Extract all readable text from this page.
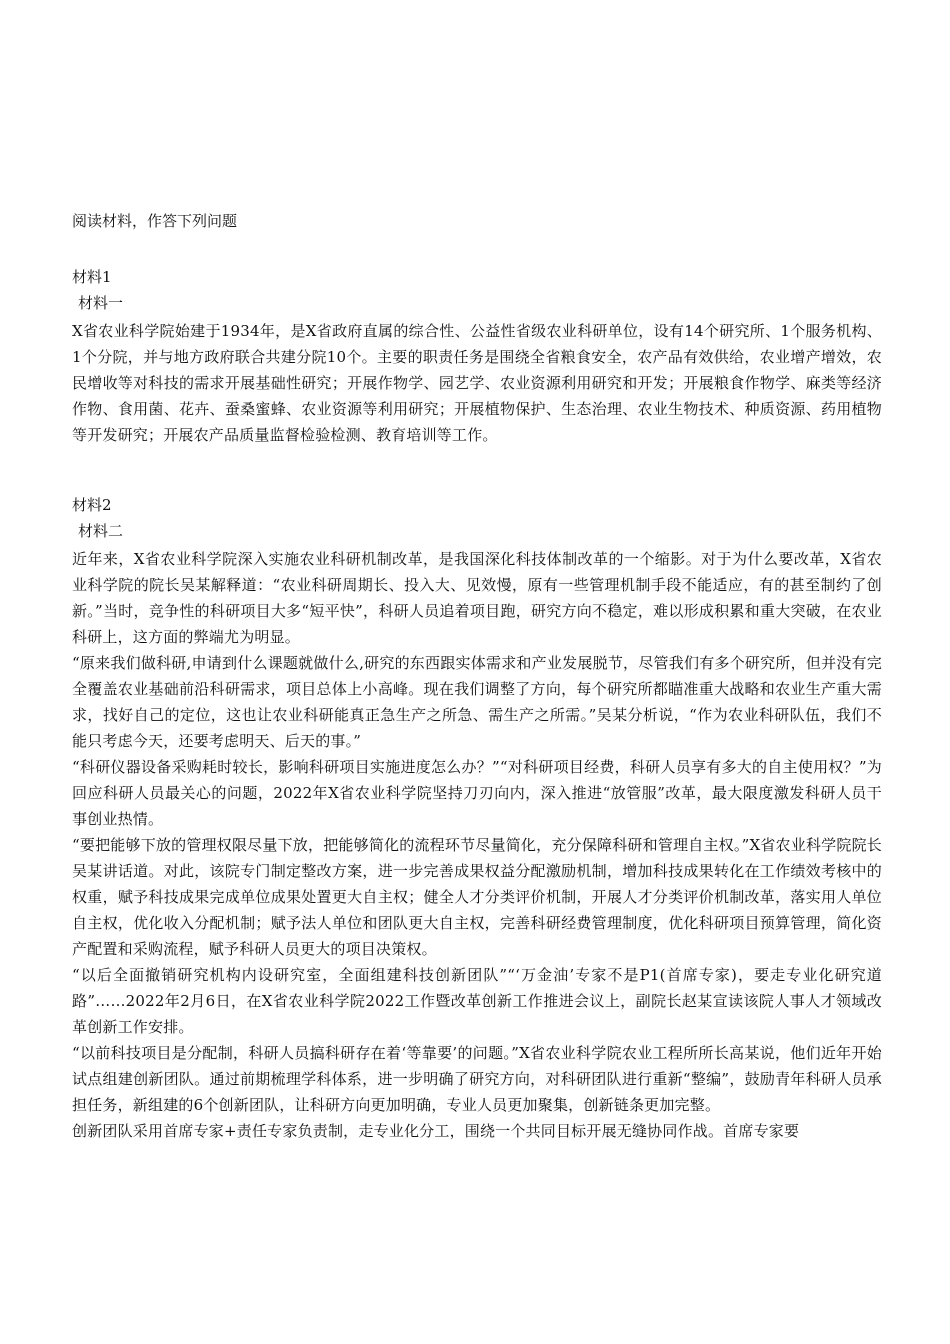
阅读材料，作答下列问题

材料1

材料一

X省农业科学院始建于1934年，是X省政府直属的综合性、公益性省级农业科研单位，设有14个研究所、1个服务机构、1个分院，并与地方政府联合共建分院10个。主要的职责任务是围绕全省粮食安全，农产品有效供给，农业增产增效，农民增收等对科技的需求开展基础性研究；开展作物学、园艺学、农业资源利用研究和开发；开展粮食作物学、麻类等经济作物、食用菌、花卉、蚕桑蜜蜂、农业资源等利用研究；开展植物保护、生态治理、农业生物技术、种质资源、药用植物等开发研究；开展农产品质量监督检验检测、教育培训等工作。

材料2

材料二

近年来，X省农业科学院深入实施农业科研机制改革，是我国深化科技体制改革的一个缩影。对于为什么要改革，X省农业科学院的院长吴某解释道：“农业科研周期长、投入大、见效慢，原有一些管理机制手段不能适应，有的甚至制约了创新。”当时，竞争性的科研项目大多“短平快”，科研人员追着项目跑，研究方向不稳定，难以形成积累和重大突破，在农业科研上，这方面的弊端尤为明显。

“原来我们做科研,申请到什么课题就做什么,研究的东西跟实体需求和产业发展脱节，尽管我们有多个研究所，但并没有完全覆盖农业基础前沿科研需求，项目总体上小高峰。现在我们调整了方向，每个研究所都瞄准重大战略和农业生产重大需求，找好自己的定位，这也让农业科研能真正急生产之所急、需生产之所需。”吴某分析说，“作为农业科研队伍，我们不能只考虑今天，还要考虑明天、后天的事。”

“科研仪器设备采购耗时较长，影响科研项目实施进度怎么办？”“对科研项目经费，科研人员享有多大的自主使用权？”为回应科研人员最关心的问题，2022年X省农业科学院坚持刀刃向内，深入推进“放管服”改革，最大限度激发科研人员干事创业热情。

“要把能够下放的管理权限尽量下放，把能够简化的流程环节尽量简化，充分保障科研和管理自主权。”X省农业科学院院长吴某讲话道。对此，该院专门制定整改方案，进一步完善成果权益分配激励机制，增加科技成果转化在工作绩效考核中的权重，赋予科技成果完成单位成果处置更大自主权；健全人才分类评价机制，开展人才分类评价机制改革，落实用人单位自主权，优化收入分配机制；赋予法人单位和团队更大自主权，完善科研经费管理制度，优化科研项目预算管理，简化资产配置和采购流程，赋予科研人员更大的项目决策权。

“以后全面撤销研究机构内设研究室，全面组建科技创新团队”“‘万金油’专家不是P1(首席专家)，要走专业化研究道路”……2022年2月6日，在X省农业科学院2022工作暨改革创新工作推进会议上，副院长赵某宣读该院人事人才领域改革创新工作安排。

“以前科技项目是分配制，科研人员搞科研存在着‘等靠要’的问题。”X省农业科学院农业工程所所长高某说，他们近年开始试点组建创新团队。通过前期梳理学科体系，进一步明确了研究方向，对科研团队进行重新“整编”，鼓励青年科研人员承担任务，新组建的6个创新团队，让科研方向更加明确，专业人员更加聚集，创新链条更加完整。

创新团队采用首席专家+责任专家负责制，走专业化分工，围绕一个共同目标开展无缝协同作战。首席专家要
